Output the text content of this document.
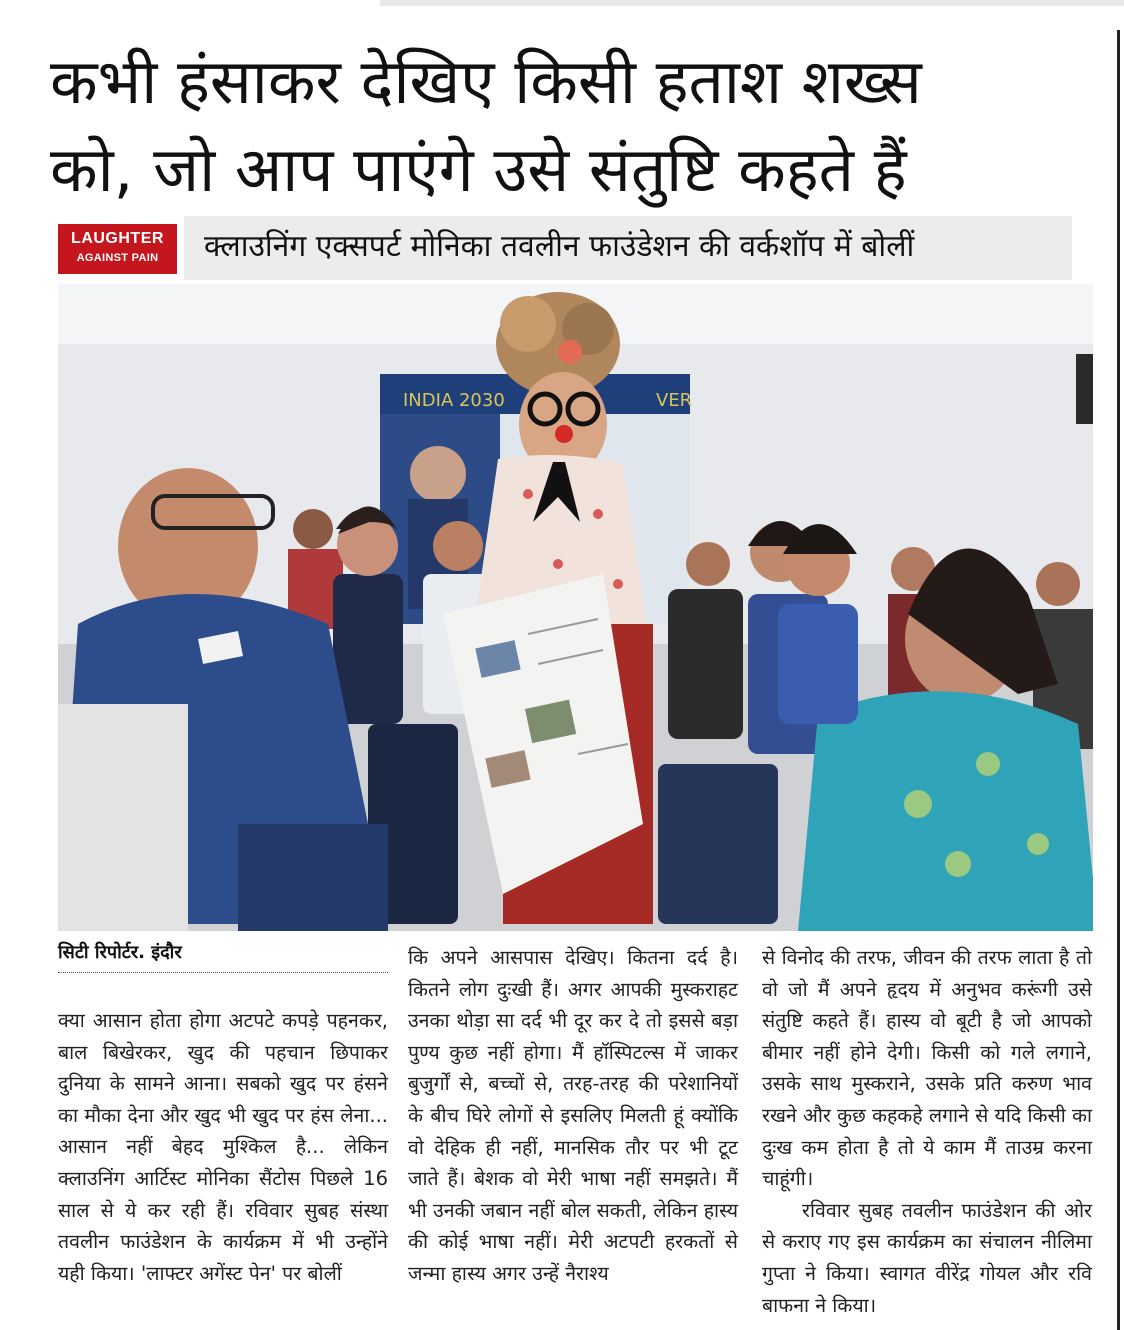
कभी हंसाकर देखिए किसी हताश शख्स
को, जो आप पाएंगे उसे संतुष्टि कहते हैं
LAUGHTER
AGAINST PAIN	क्लाउनिंग एक्सपर्ट मोनिका तवलीन फाउंडेशन की वर्कशॉप में बोलीं
INDIA 2030	VER
सिटी रिपोर्टर. इंदौर

क्या आसान होता होगा अटपटे कपड़े पहनकर, बाल बिखेरकर, खुद की पहचान छिपाकर दुनिया के सामने आना। सबको खुद पर हंसने का मौका देना और खुद भी खुद पर हंस लेना... आसान नहीं बेहद मुश्किल है... लेकिन क्लाउनिंग आर्टिस्ट मोनिका सैंटोस पिछले 16 साल से ये कर रही हैं। रविवार सुबह संस्था तवलीन फाउंडेशन के कार्यक्रम में भी उन्होंने यही किया। 'लाफ्टर अगेंस्ट पेन' पर बोलीं

कि अपने आसपास देखिए। कितना दर्द है। कितने लोग दुःखी हैं। अगर आपकी मुस्कराहट उनका थोड़ा सा दर्द भी दूर कर दे तो इससे बड़ा पुण्य कुछ नहीं होगा। मैं हॉस्पिटल्स में जाकर बुजुर्गों से, बच्चों से, तरह-तरह की परेशानियों के बीच घिरे लोगों से इसलिए मिलती हूं क्योंकि वो देहिक ही नहीं, मानसिक तौर पर भी टूट जाते हैं। बेशक वो मेरी भाषा नहीं समझते। मैं भी उनकी जबान नहीं बोल सकती, लेकिन हास्य की कोई भाषा नहीं। मेरी अटपटी हरकतों से जन्मा हास्य अगर उन्हें नैराश्य

से विनोद की तरफ, जीवन की तरफ लाता है तो वो जो मैं अपने हृदय में अनुभव करूंगी उसे संतुष्टि कहते हैं। हास्य वो बूटी है जो आपको बीमार नहीं होने देगी। किसी को गले लगाने, उसके साथ मुस्कराने, उसके प्रति करुण भाव रखने और कुछ कहकहे लगाने से यदि किसी का दुःख कम होता है तो ये काम मैं ताउम्र करना चाहूंगी।

रविवार सुबह तवलीन फाउंडेशन की ओर से कराए गए इस कार्यक्रम का संचालन नीलिमा गुप्ता ने किया। स्वागत वीरेंद्र गोयल और रवि बाफना ने किया।
